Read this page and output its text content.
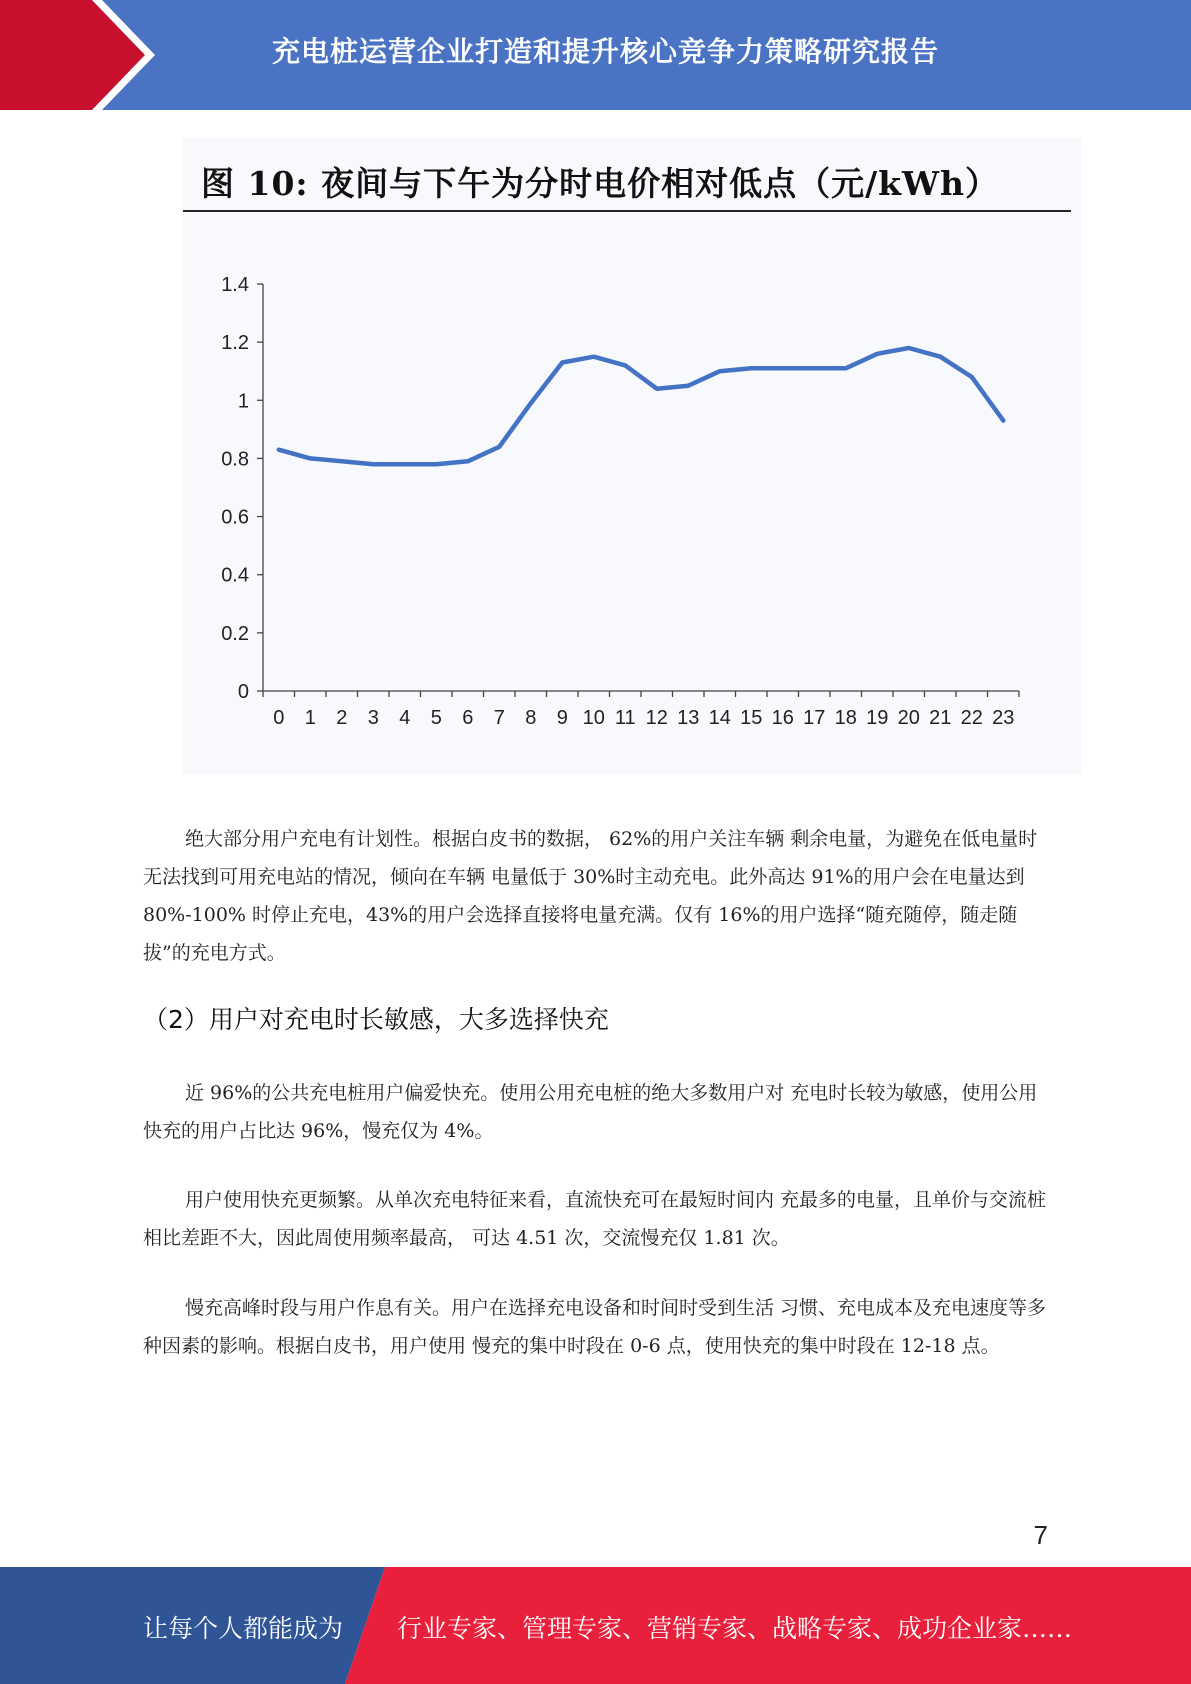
充电桩运营企业打造和提升核心竞争力策略研究报告
图 10: 夜间与下午为分时电价相对低点（元/kWh）
0
0.2
0.4
0.6
0.8
1
1.2
1.4
0 1 2 3 4 5 6 7 8 9 10 11 12 13 14 15 16 17 18 19 20 21 22 23

绝大部分用户充电有计划性。根据白皮书的数据， 62%的用户关注车辆 剩余电量，为避免在低电量时无法找到可用充电站的情况，倾向在车辆 电量低于 30%时主动充电。此外高达 91%的用户会在电量达到 80%-100% 时停止充电，43%的用户会选择直接将电量充满。仅有 16%的用户选择“随充随停，随走随拔”的充电方式。

（2）用户对充电时长敏感，大多选择快充

近 96%的公共充电桩用户偏爱快充。使用公用充电桩的绝大多数用户对 充电时长较为敏感，使用公用快充的用户占比达 96%，慢充仅为 4%。

用户使用快充更频繁。从单次充电特征来看，直流快充可在最短时间内 充最多的电量，且单价与交流桩相比差距不大，因此周使用频率最高， 可达 4.51 次，交流慢充仅 1.81 次。

慢充高峰时段与用户作息有关。用户在选择充电设备和时间时受到生活 习惯、充电成本及充电速度等多种因素的影响。根据白皮书，用户使用 慢充的集中时段在 0-6 点，使用快充的集中时段在 12-18 点。

7
让每个人都能成为 行业专家、管理专家、营销专家、战略专家、成功企业家……
